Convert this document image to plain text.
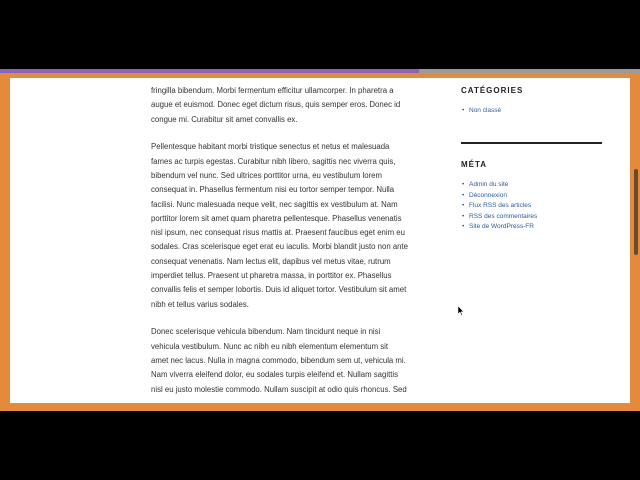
fringilla bibendum. Morbi fermentum efficitur ullamcorper. In pharetra a
augue et euismod. Donec eget dictum risus, quis semper eros. Donec id
congue mi. Curabitur sit amet convallis ex.

Pellentesque habitant morbi tristique senectus et netus et malesuada
fames ac turpis egestas. Curabitur nibh libero, sagittis nec viverra quis,
bibendum vel nunc. Sed ultrices porttitor urna, eu vestibulum lorem
consequat in. Phasellus fermentum nisi eu tortor semper tempor. Nulla
facilisi. Nunc malesuada neque velit, nec sagittis ex vestibulum at. Nam
porttitor lorem sit amet quam pharetra pellentesque. Phasellus venenatis
nisl ipsum, nec consequat risus mattis at. Praesent faucibus eget enim eu
sodales. Cras scelerisque eget erat eu iaculis. Morbi blandit justo non ante
consequat venenatis. Nam lectus elit, dapibus vel metus vitae, rutrum
imperdiet tellus. Praesent ut pharetra massa, in porttitor ex. Phasellus
convallis felis et semper lobortis. Duis id aliquet tortor. Vestibulum sit amet
nibh et tellus varius sodales.

Donec scelerisque vehicula bibendum. Nam tincidunt neque in nisi
vehicula vestibulum. Nunc ac nibh eu nibh elementum elementum sit
amet nec lacus. Nulla in magna commodo, bibendum sem ut, vehicula mi.
Nam viverra eleifend dolor, eu sodales turpis eleifend et. Nullam sagittis
nisl eu justo molestie commodo. Nullam suscipit at odio quis rhoncus. Sed

CATÉGORIES
• Non classé
MÉTA
• Admin du site
• Déconnexion
• Flux RSS des articles
• RSS des commentaires
• Site de WordPress-FR
